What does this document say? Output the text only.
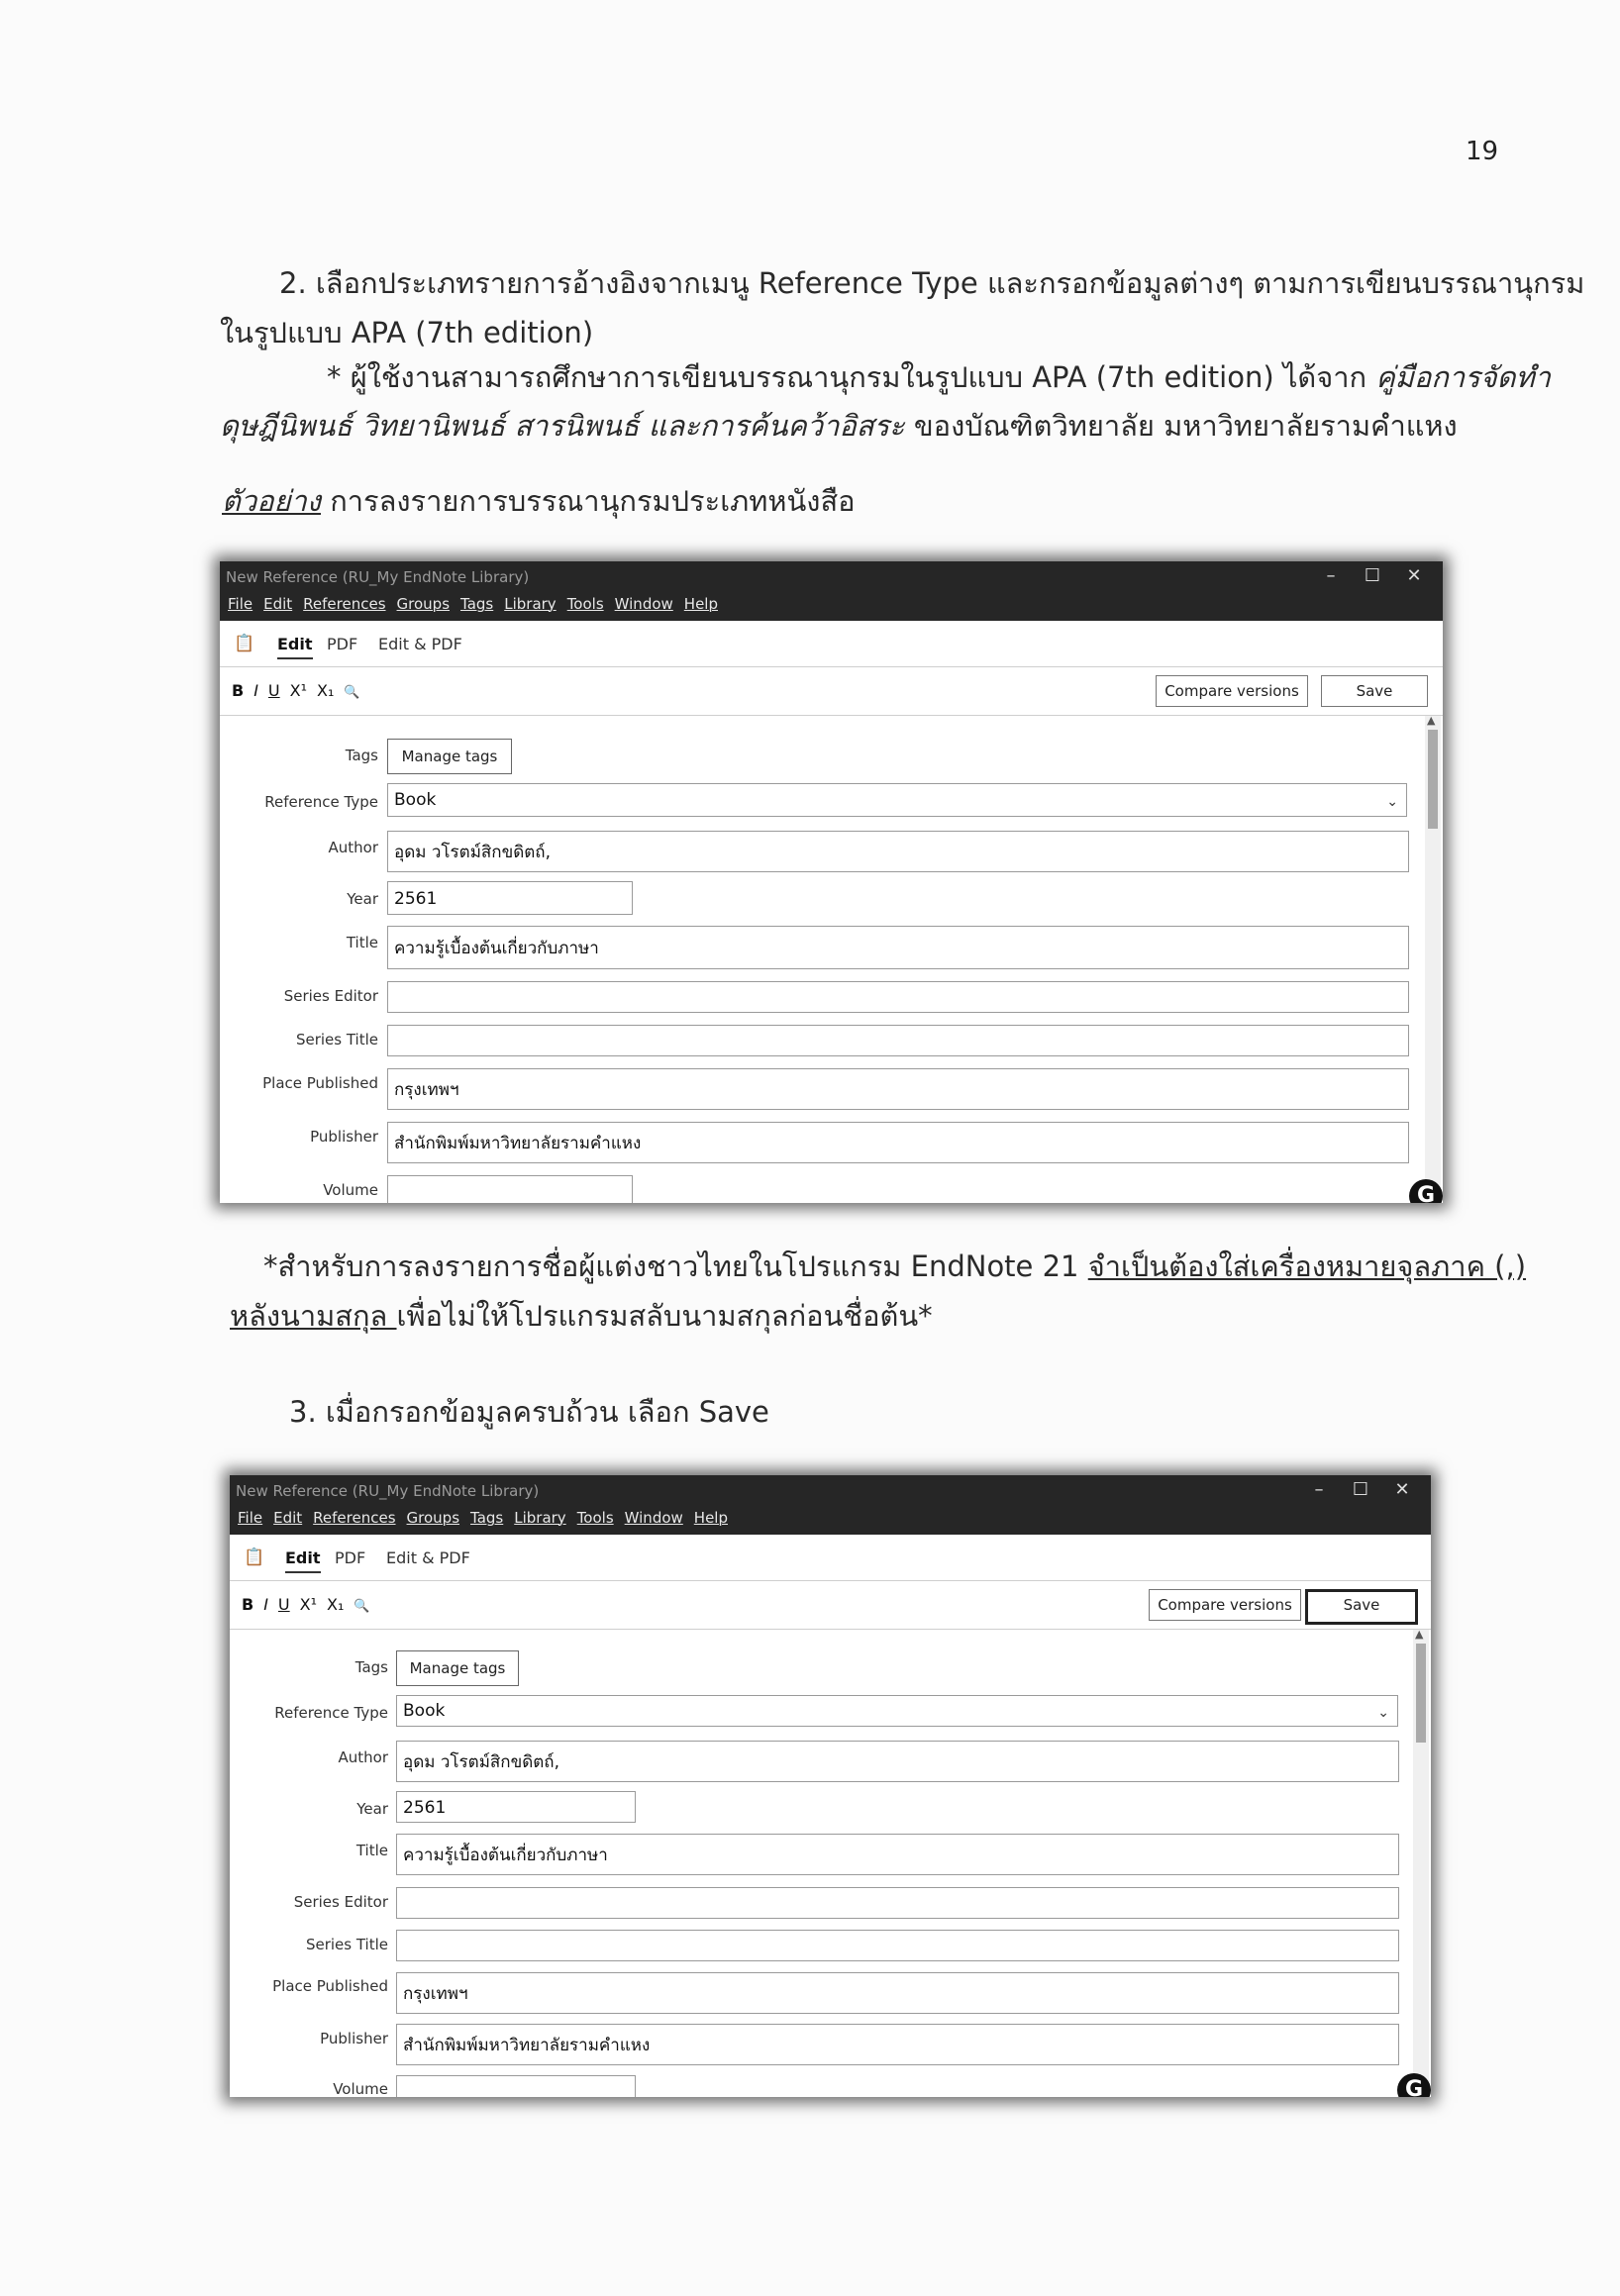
19
2. เลือกประเภทรายการอ้างอิงจากเมนู Reference Type และกรอกข้อมูลต่างๆ ตามการเขียนบรรณานุกรม
ในรูปแบบ APA (7th edition)
* ผู้ใช้งานสามารถศึกษาการเขียนบรรณานุกรมในรูปแบบ APA (7th edition) ได้จาก คู่มือการจัดทำ
ดุษฎีนิพนธ์ วิทยานิพนธ์ สารนิพนธ์ และการค้นคว้าอิสระ ของบัณฑิตวิทยาลัย มหาวิทยาลัยรามคำแหง
ตัวอย่าง การลงรายการบรรณานุกรมประเภทหนังสือ
New Reference (RU_My EndNote Library)
File Edit References Groups Tags Library Tools Window Help
– ☐ ✕
📋 Edit PDF Edit & PDF
B I U X¹ X₁ 🔍	Compare versions	Save
Tags	Manage tags
Reference Type Book	⌄
Author อุดม วโรตม์สิกขดิตถ์,
Year 2561
Title ความรู้เบื้องต้นเกี่ยวกับภาษา
Series Editor
Series Title
Place Published กรุงเทพฯ
Publisher สำนักพิมพ์มหาวิทยาลัยรามคำแหง
Volume
▲
G
*สำหรับการลงรายการชื่อผู้แต่งชาวไทยในโปรแกรม EndNote 21 จำเป็นต้องใส่เครื่องหมายจุลภาค (,)
หลังนามสกุล เพื่อไม่ให้โปรแกรมสลับนามสกุลก่อนชื่อต้น*
3. เมื่อกรอกข้อมูลครบถ้วน เลือก Save
New Reference (RU_My EndNote Library)
File Edit References Groups Tags Library Tools Window Help
– ☐ ✕
📋 Edit PDF Edit & PDF
B I U X¹ X₁ 🔍	Compare versions	Save
Tags	Manage tags
Reference Type Book	⌄
Author อุดม วโรตม์สิกขดิตถ์,
Year 2561
Title ความรู้เบื้องต้นเกี่ยวกับภาษา
Series Editor
Series Title
Place Published กรุงเทพฯ
Publisher สำนักพิมพ์มหาวิทยาลัยรามคำแหง
Volume
▲
G
